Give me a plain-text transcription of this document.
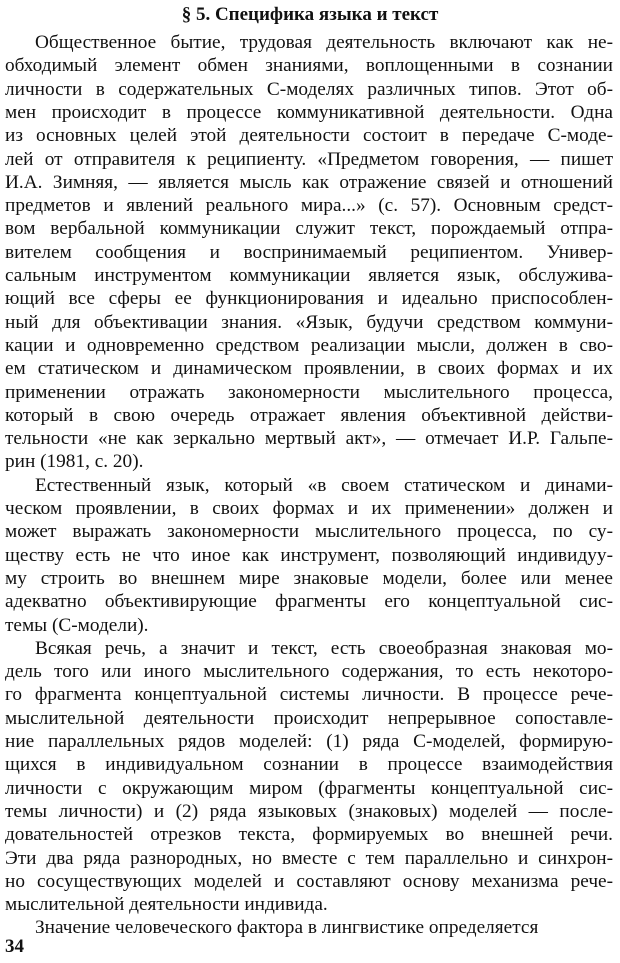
§ 5. Специфика языка и текст
Общественное бытие, трудовая деятельность включают как не-
обходимый элемент обмен знаниями, воплощенными в сознании
личности в содержательных С-моделях различных типов. Этот об-
мен происходит в процессе коммуникативной деятельности. Одна
из основных целей этой деятельности состоит в передаче С-моде-
лей от отправителя к реципиенту. «Предметом говорения, — пишет
И.А. Зимняя, — является мысль как отражение связей и отношений
предметов и явлений реального мира...» (с. 57). Основным средст-
вом вербальной коммуникации служит текст, порождаемый отпра-
вителем сообщения и воспринимаемый реципиентом. Универ-
сальным инструментом коммуникации является язык, обслужива-
ющий все сферы ее функционирования и идеально приспособлен-
ный для объективации знания. «Язык, будучи средством коммуни-
кации и одновременно средством реализации мысли, должен в сво-
ем статическом и динамическом проявлении, в своих формах и их
применении отражать закономерности мыслительного процесса,
который в свою очередь отражает явления объективной действи-
тельности «не как зеркально мертвый акт», — отмечает И.Р. Гальпе-
рин (1981, с. 20).
Естественный язык, который «в своем статическом и динами-
ческом проявлении, в своих формах и их применении» должен и
может выражать закономерности мыслительного процесса, по су-
ществу есть не что иное как инструмент, позволяющий индивидуу-
му строить во внешнем мире знаковые модели, более или менее
адекватно объективирующие фрагменты его концептуальной сис-
темы (С-модели).
Всякая речь, а значит и текст, есть своеобразная знаковая мо-
дель того или иного мыслительного содержания, то есть некоторо-
го фрагмента концептуальной системы личности. В процессе рече-
мыслительной деятельности происходит непрерывное сопоставле-
ние параллельных рядов моделей: (1) ряда С-моделей, формирую-
щихся в индивидуальном сознании в процессе взаимодействия
личности с окружающим миром (фрагменты концептуальной сис-
темы личности) и (2) ряда языковых (знаковых) моделей — после-
довательностей отрезков текста, формируемых во внешней речи.
Эти два ряда разнородных, но вместе с тем параллельно и синхрон-
но сосуществующих моделей и составляют основу механизма рече-
мыслительной деятельности индивида.
Значение человеческого фактора в лингвистике определяется
34
